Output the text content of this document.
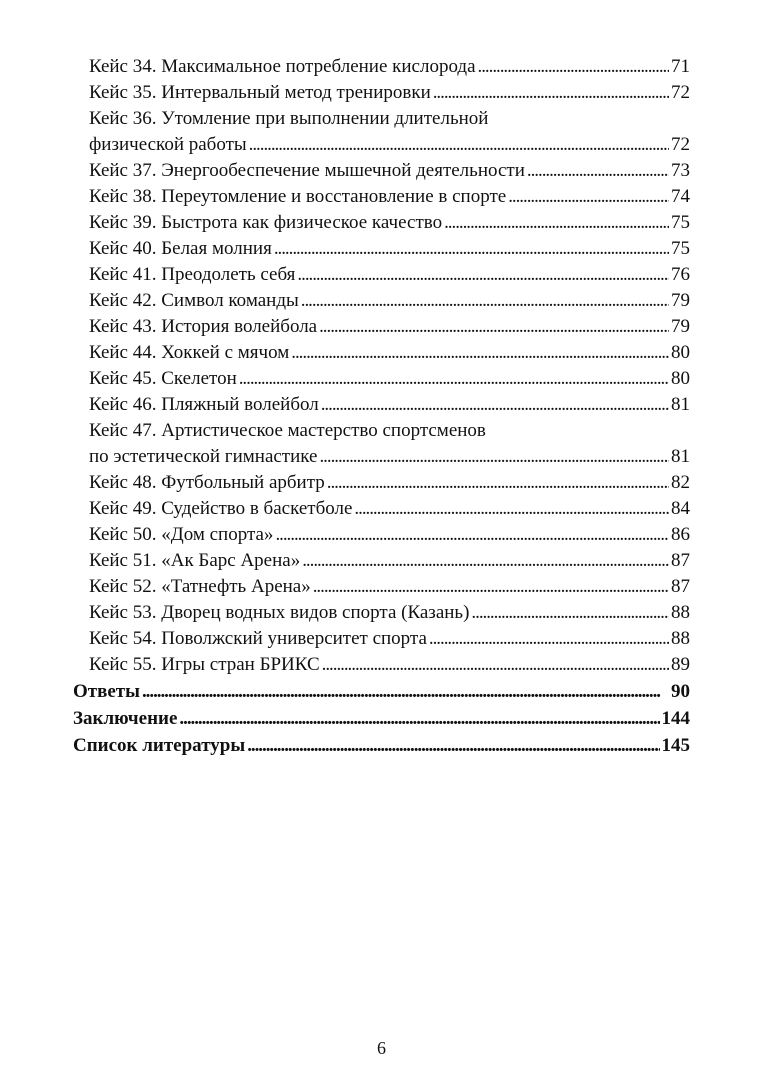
Кейс 34. Максимальное потребление кислорода . . .	71
Кейс 35. Интервальный метод тренировки . . .	72
Кейс 36. Утомление при выполнении длительной
физической работы . . .	72
Кейс 37. Энергообеспечение мышечной деятельности . . .	73
Кейс 38. Переутомление и восстановление в спорте . . .	74
Кейс 39. Быстрота как физическое качество . . .	75
Кейс 40. Белая молния . . .	75
Кейс 41. Преодолеть себя . . .	76
Кейс 42. Символ команды . . .	79
Кейс 43. История волейбола . . .	79
Кейс 44. Хоккей с мячом . . .	80
Кейс 45. Скелетон . . .	80
Кейс 46. Пляжный волейбол . . .	81
Кейс 47. Артистическое мастерство спортсменов
по эстетической гимнастике . . .	81
Кейс 48. Футбольный арбитр . . .	82
Кейс 49. Судейство в баскетболе . . .	84
Кейс 50. «Дом спорта» . . .	86
Кейс 51. «Ак Барс Арена» . . .	87
Кейс 52. «Татнефть Арена» . . .	87
Кейс 53. Дворец водных видов спорта (Казань) . . .	88
Кейс 54. Поволжский университет спорта . . .	88
Кейс 55. Игры стран БРИКС . . .	89
Ответы . . .	90
Заключение . . .	144
Список литературы . . .	145
6
